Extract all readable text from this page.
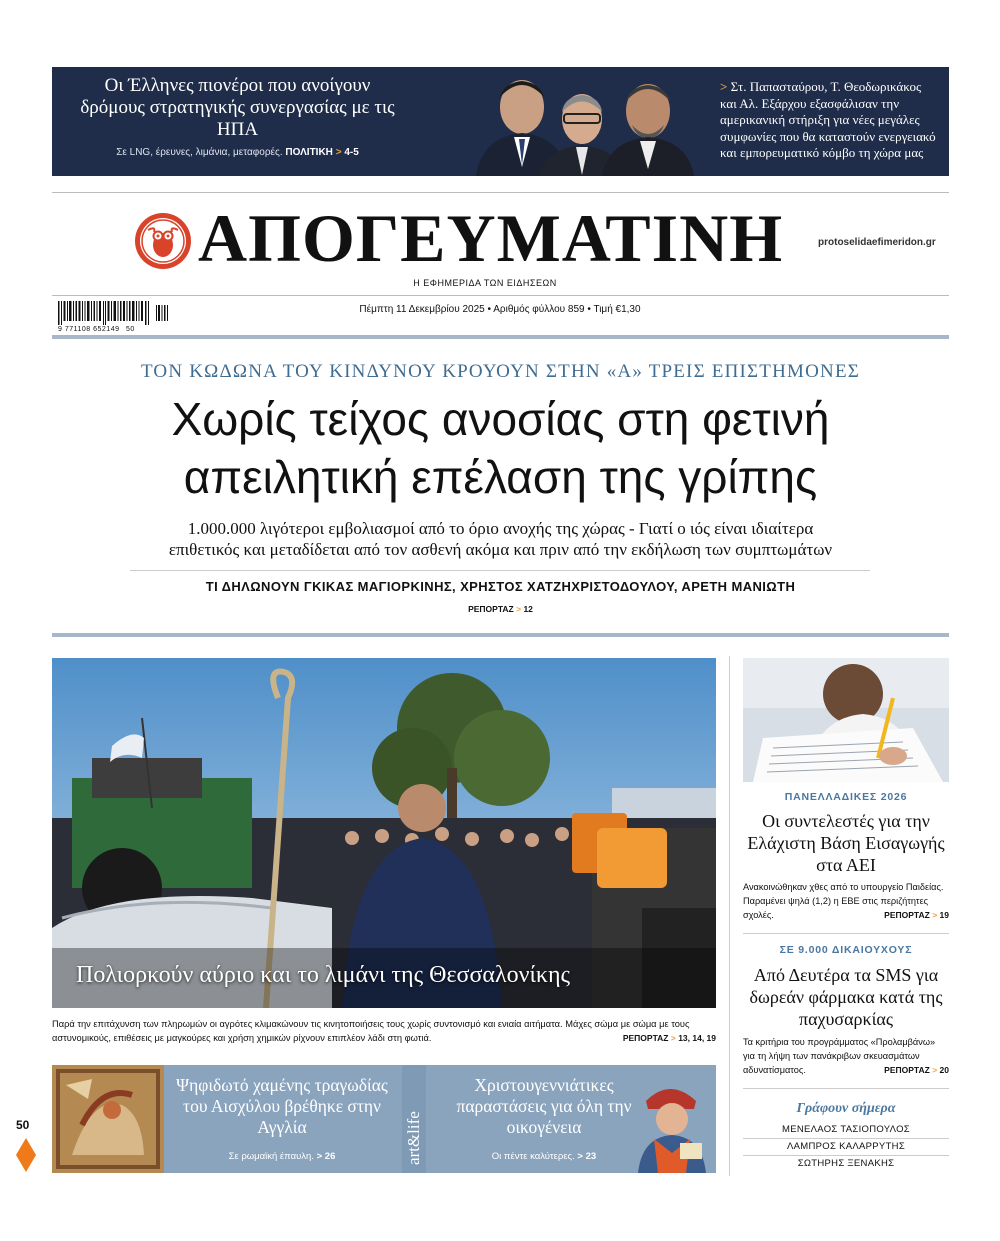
Οι Έλληνες πιονέροι που ανοίγουν δρόμους στρατηγικής συνεργασίας με τις ΗΠΑ
Σε LNG, έρευνες, λιμάνια, μεταφορές. ΠΟΛΙΤΙΚΗ > 4-5
> Στ. Παπασταύρου, Τ. Θεοδωρικάκος και Αλ. Εξάρχου εξασφάλισαν την αμερικανική στήριξη για νέες μεγάλες συμφωνίες που θα καταστούν ενεργειακό και εμπορευματικό κόμβο τη χώρα μας
ΑΠΟΓΕΥΜΑΤΙΝΗ	protoselidaefimeridon.gr
Η ΕΦΗΜΕΡΙΔΑ ΤΩΝ ΕΙΔΗΣΕΩΝ
9 771108 652149 50
Πέμπτη 11 Δεκεμβρίου 2025 • Αριθμός φύλλου 859 • Τιμή €1,30
ΤΟΝ ΚΩΔΩΝΑ ΤΟΥ ΚΙΝΔΥΝΟΥ ΚΡΟΥΟΥΝ ΣΤΗΝ «Α» ΤΡΕΙΣ ΕΠΙΣΤΗΜΟΝΕΣ
Χωρίς τείχος ανοσίας στη φετινή
απειλητική επέλαση της γρίπης
1.000.000 λιγότεροι εμβολιασμοί από το όριο ανοχής της χώρας - Γιατί ο ιός είναι ιδιαίτερα
επιθετικός και μεταδίδεται από τον ασθενή ακόμα και πριν από την εκδήλωση των συμπτωμάτων
ΤΙ ΔΗΛΩΝΟΥΝ ΓΚΙΚΑΣ ΜΑΓΙΟΡΚΙΝΗΣ, ΧΡΗΣΤΟΣ ΧΑΤΖΗΧΡΙΣΤΟΔΟΥΛΟΥ, ΑΡΕΤΗ ΜΑΝΙΩΤΗ
ΡΕΠΟΡΤΑΖ > 12
Πολιορκούν αύριο και το λιμάνι της Θεσσαλονίκης
Παρά την επιτάχυνση των πληρωμών οι αγρότες κλιμακώνουν τις κινητοποιήσεις τους χωρίς συντονισμό και ενιαία αιτήματα. Μάχες σώμα με σώμα με τους αστυνομικούς, επιθέσεις με μαγκούρες και χρήση χημικών ρίχνουν επιπλέον λάδι στη φωτιά.	ΡΕΠΟΡΤΑΖ > 13, 14, 19
ΠΑΝΕΛΛΑΔΙΚΕΣ 2026
Οι συντελεστές για την Ελάχιστη Βάση Εισαγωγής στα ΑΕΙ
Ανακοινώθηκαν χθες από το υπουργείο Παιδείας. Παραμένει ψηλά (1,2) η ΕΒΕ στις περιζήτητες σχολές.	ΡΕΠΟΡΤΑΖ > 19
ΣΕ 9.000 ΔΙΚΑΙΟΥΧΟΥΣ
Από Δευτέρα τα SMS για δωρεάν φάρμακα κατά της παχυσαρκίας
Τα κριτήρια του προγράμματος «Προλαμβάνω» για τη λήψη των πανάκριβων σκευασμάτων αδυνατίσματος.	ΡΕΠΟΡΤΑΖ > 20
Γράφουν σήμερα
ΜΕΝΕΛΑΟΣ ΤΑΣΙΟΠΟΥΛΟΣ
ΛΑΜΠΡΟΣ ΚΑΛΑΡΡΥΤΗΣ
ΣΩΤΗΡΗΣ ΞΕΝΑΚΗΣ
Ψηφιδωτό χαμένης τραγωδίας του Αισχύλου βρέθηκε στην Αγγλία
Σε ρωμαϊκή έπαυλη. > 26	art&life
Χριστουγεννιάτικες παραστάσεις για όλη την οικογένεια
Οι πέντε καλύτερες. > 23
50
